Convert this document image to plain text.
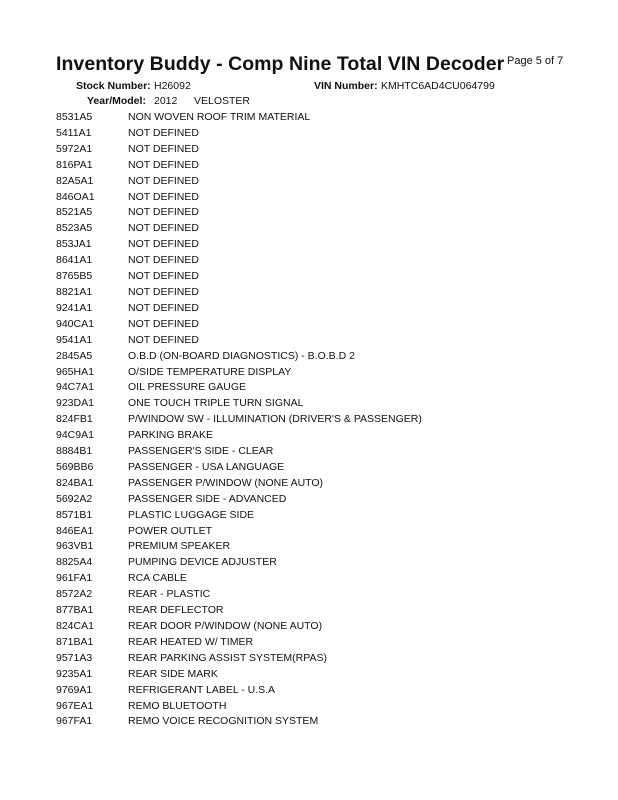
Inventory Buddy - Comp Nine Total VIN Decoder Page 5 of 7
Stock Number: H26092	VIN Number: KMHTC6AD4CU064799
Year/Model: 2012 VELOSTER
8531A5	NON WOVEN ROOF TRIM MATERIAL
5411A1	NOT DEFINED
5972A1	NOT DEFINED
816PA1	NOT DEFINED
82A5A1	NOT DEFINED
846OA1	NOT DEFINED
8521A5	NOT DEFINED
8523A5	NOT DEFINED
853JA1	NOT DEFINED
8641A1	NOT DEFINED
8765B5	NOT DEFINED
8821A1	NOT DEFINED
9241A1	NOT DEFINED
940CA1	NOT DEFINED
9541A1	NOT DEFINED
2845A5	O.B.D (ON-BOARD DIAGNOSTICS) - B.O.B.D 2
965HA1	O/SIDE TEMPERATURE DISPLAY
94C7A1	OIL PRESSURE GAUGE
923DA1	ONE TOUCH TRIPLE TURN SIGNAL
824FB1	P/WINDOW SW - ILLUMINATION (DRIVER'S & PASSENGER)
94C9A1	PARKING BRAKE
8884B1	PASSENGER'S SIDE - CLEAR
569BB6	PASSENGER - USA LANGUAGE
824BA1	PASSENGER P/WINDOW (NONE AUTO)
5692A2	PASSENGER SIDE - ADVANCED
8571B1	PLASTIC LUGGAGE SIDE
846EA1	POWER OUTLET
963VB1	PREMIUM SPEAKER
8825A4	PUMPING DEVICE ADJUSTER
961FA1	RCA CABLE
8572A2	REAR - PLASTIC
877BA1	REAR DEFLECTOR
824CA1	REAR DOOR P/WINDOW (NONE AUTO)
871BA1	REAR HEATED W/ TIMER
9571A3	REAR PARKING ASSIST SYSTEM(RPAS)
9235A1	REAR SIDE MARK
9769A1	REFRIGERANT LABEL - U.S.A
967EA1	REMO BLUETOOTH
967FA1	REMO VOICE RECOGNITION SYSTEM
